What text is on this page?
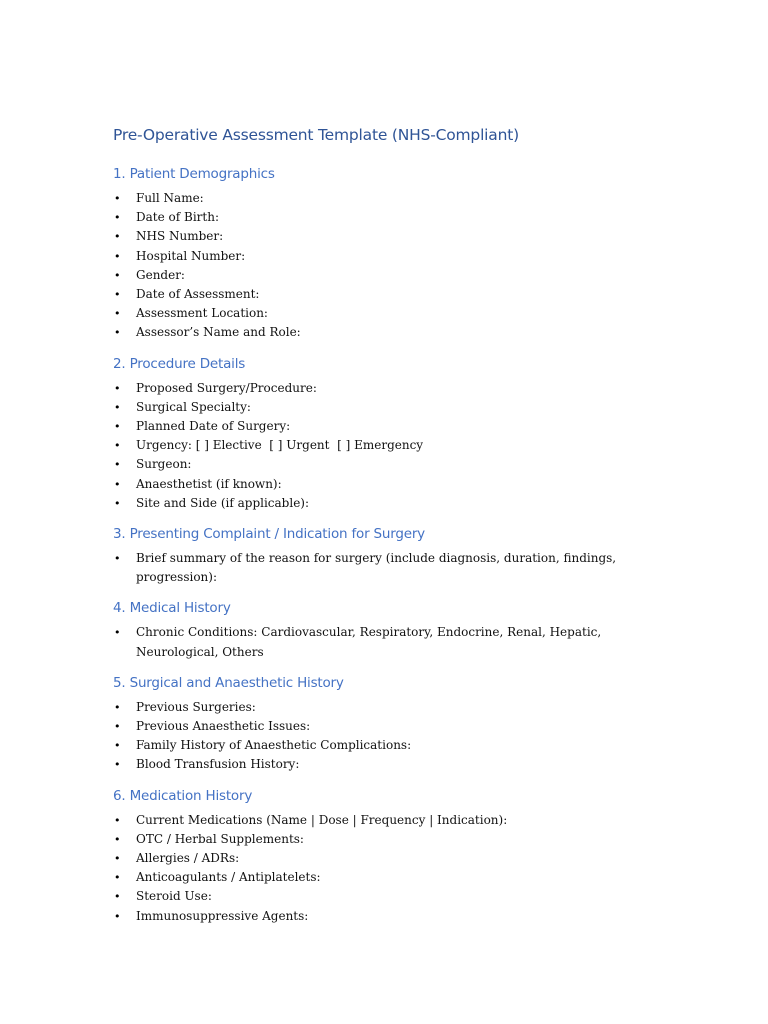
Pre-Operative Assessment Template (NHS-Compliant)
1. Patient Demographics
• Full Name:
• Date of Birth:
• NHS Number:
• Hospital Number:
• Gender:
• Date of Assessment:
• Assessment Location:
• Assessor’s Name and Role:
2. Procedure Details
• Proposed Surgery/Procedure:
• Surgical Specialty:
• Planned Date of Surgery:
• Urgency: [ ] Elective  [ ] Urgent  [ ] Emergency
• Surgeon:
• Anaesthetist (if known):
• Site and Side (if applicable):
3. Presenting Complaint / Indication for Surgery
• Brief summary of the reason for surgery (include diagnosis, duration, findings, progression):
4. Medical History
• Chronic Conditions: Cardiovascular, Respiratory, Endocrine, Renal, Hepatic, Neurological, Others
5. Surgical and Anaesthetic History
• Previous Surgeries:
• Previous Anaesthetic Issues:
• Family History of Anaesthetic Complications:
• Blood Transfusion History:
6. Medication History
• Current Medications (Name | Dose | Frequency | Indication):
• OTC / Herbal Supplements:
• Allergies / ADRs:
• Anticoagulants / Antiplatelets:
• Steroid Use:
• Immunosuppressive Agents:
